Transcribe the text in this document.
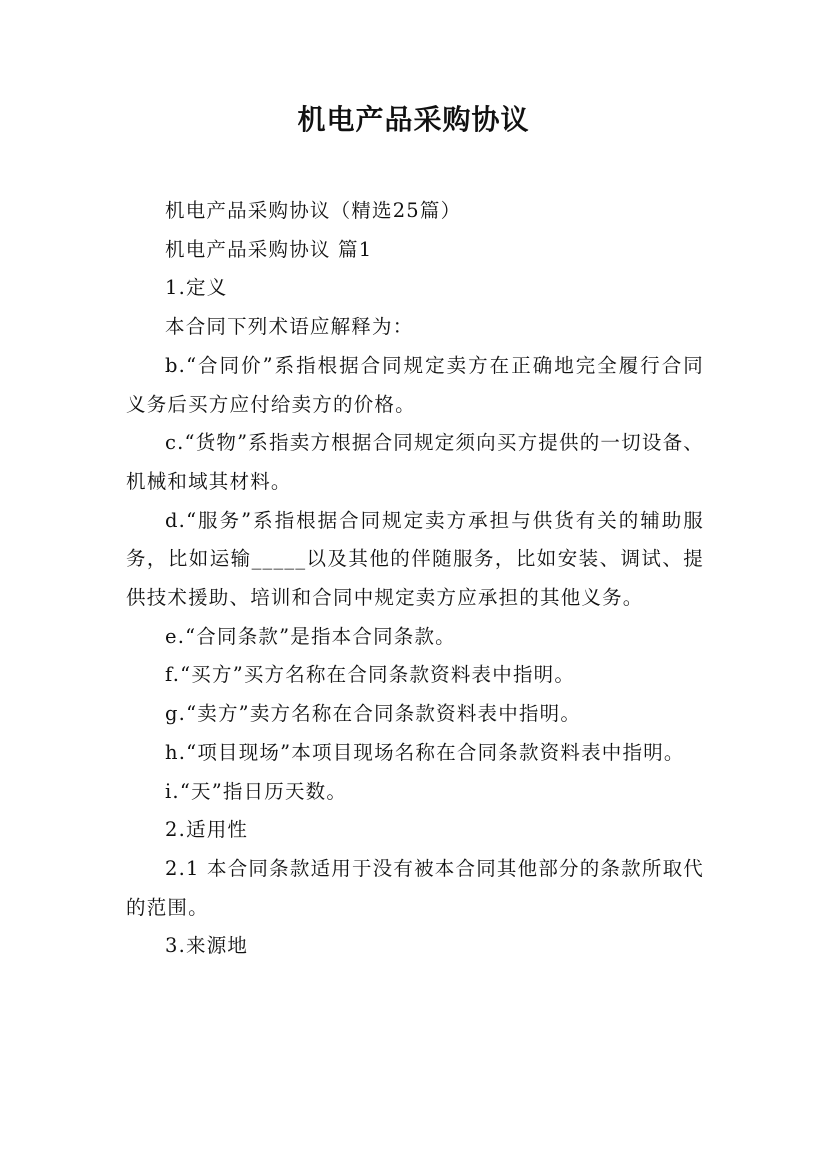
机电产品采购协议

机电产品采购协议（精选25篇）

机电产品采购协议 篇1

1.定义

本合同下列术语应解释为：

b.“合同价”系指根据合同规定卖方在正确地完全履行合同义务后买方应付给卖方的价格。

c.“货物”系指卖方根据合同规定须向买方提供的一切设备、机械和域其材料。

d.“服务”系指根据合同规定卖方承担与供货有关的辅助服务，比如运输_____以及其他的伴随服务，比如安装、调试、提供技术援助、培训和合同中规定卖方应承担的其他义务。

e.“合同条款”是指本合同条款。

f.“买方”买方名称在合同条款资料表中指明。

g.“卖方”卖方名称在合同条款资料表中指明。

h.“项目现场”本项目现场名称在合同条款资料表中指明。

i.“天”指日历天数。

2.适用性

2.1 本合同条款适用于没有被本合同其他部分的条款所取代的范围。

3.来源地
